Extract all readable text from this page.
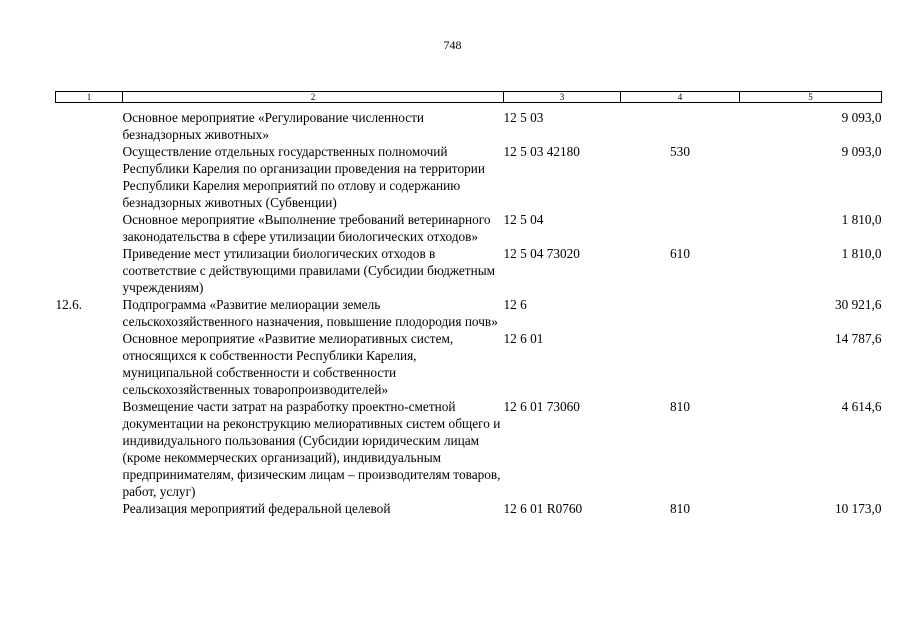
748
1	2	3	4	5
	Основное мероприятие «Регулирование численности безнадзорных животных»	12 5 03		9 093,0
	Осуществление отдельных государственных полномочий Республики Карелия по организации проведения на территории Республики Карелия мероприятий по отлову и содержанию безнадзорных животных (Субвенции)	12 5 03 42180	530	9 093,0
	Основное мероприятие «Выполнение требований ветеринарного законодательства в сфере утилизации биологических отходов»	12 5 04		1 810,0
	Приведение мест утилизации биологических отходов в соответствие с действующими правилами (Субсидии бюджетным учреждениям)	12 5 04 73020	610	1 810,0
12.6.	Подпрограмма «Развитие мелиорации земель сельскохозяйственного назначения, повышение плодородия почв»	12 6		30 921,6
	Основное мероприятие «Развитие мелиоративных систем, относящихся к собственности Республики Карелия, муниципальной собственности и собственности сельскохозяйственных товаропроизводителей»	12 6 01		14 787,6
	Возмещение части затрат на разработку проектно-сметной документации на реконструкцию мелиоративных систем общего и индивидуального пользования (Субсидии юридическим лицам (кроме некоммерческих организаций), индивидуальным предпринимателям, физическим лицам – производителям товаров, работ, услуг)	12 6 01 73060	810	4 614,6
	Реализация мероприятий федеральной целевой	12 6 01 R0760	810	10 173,0
